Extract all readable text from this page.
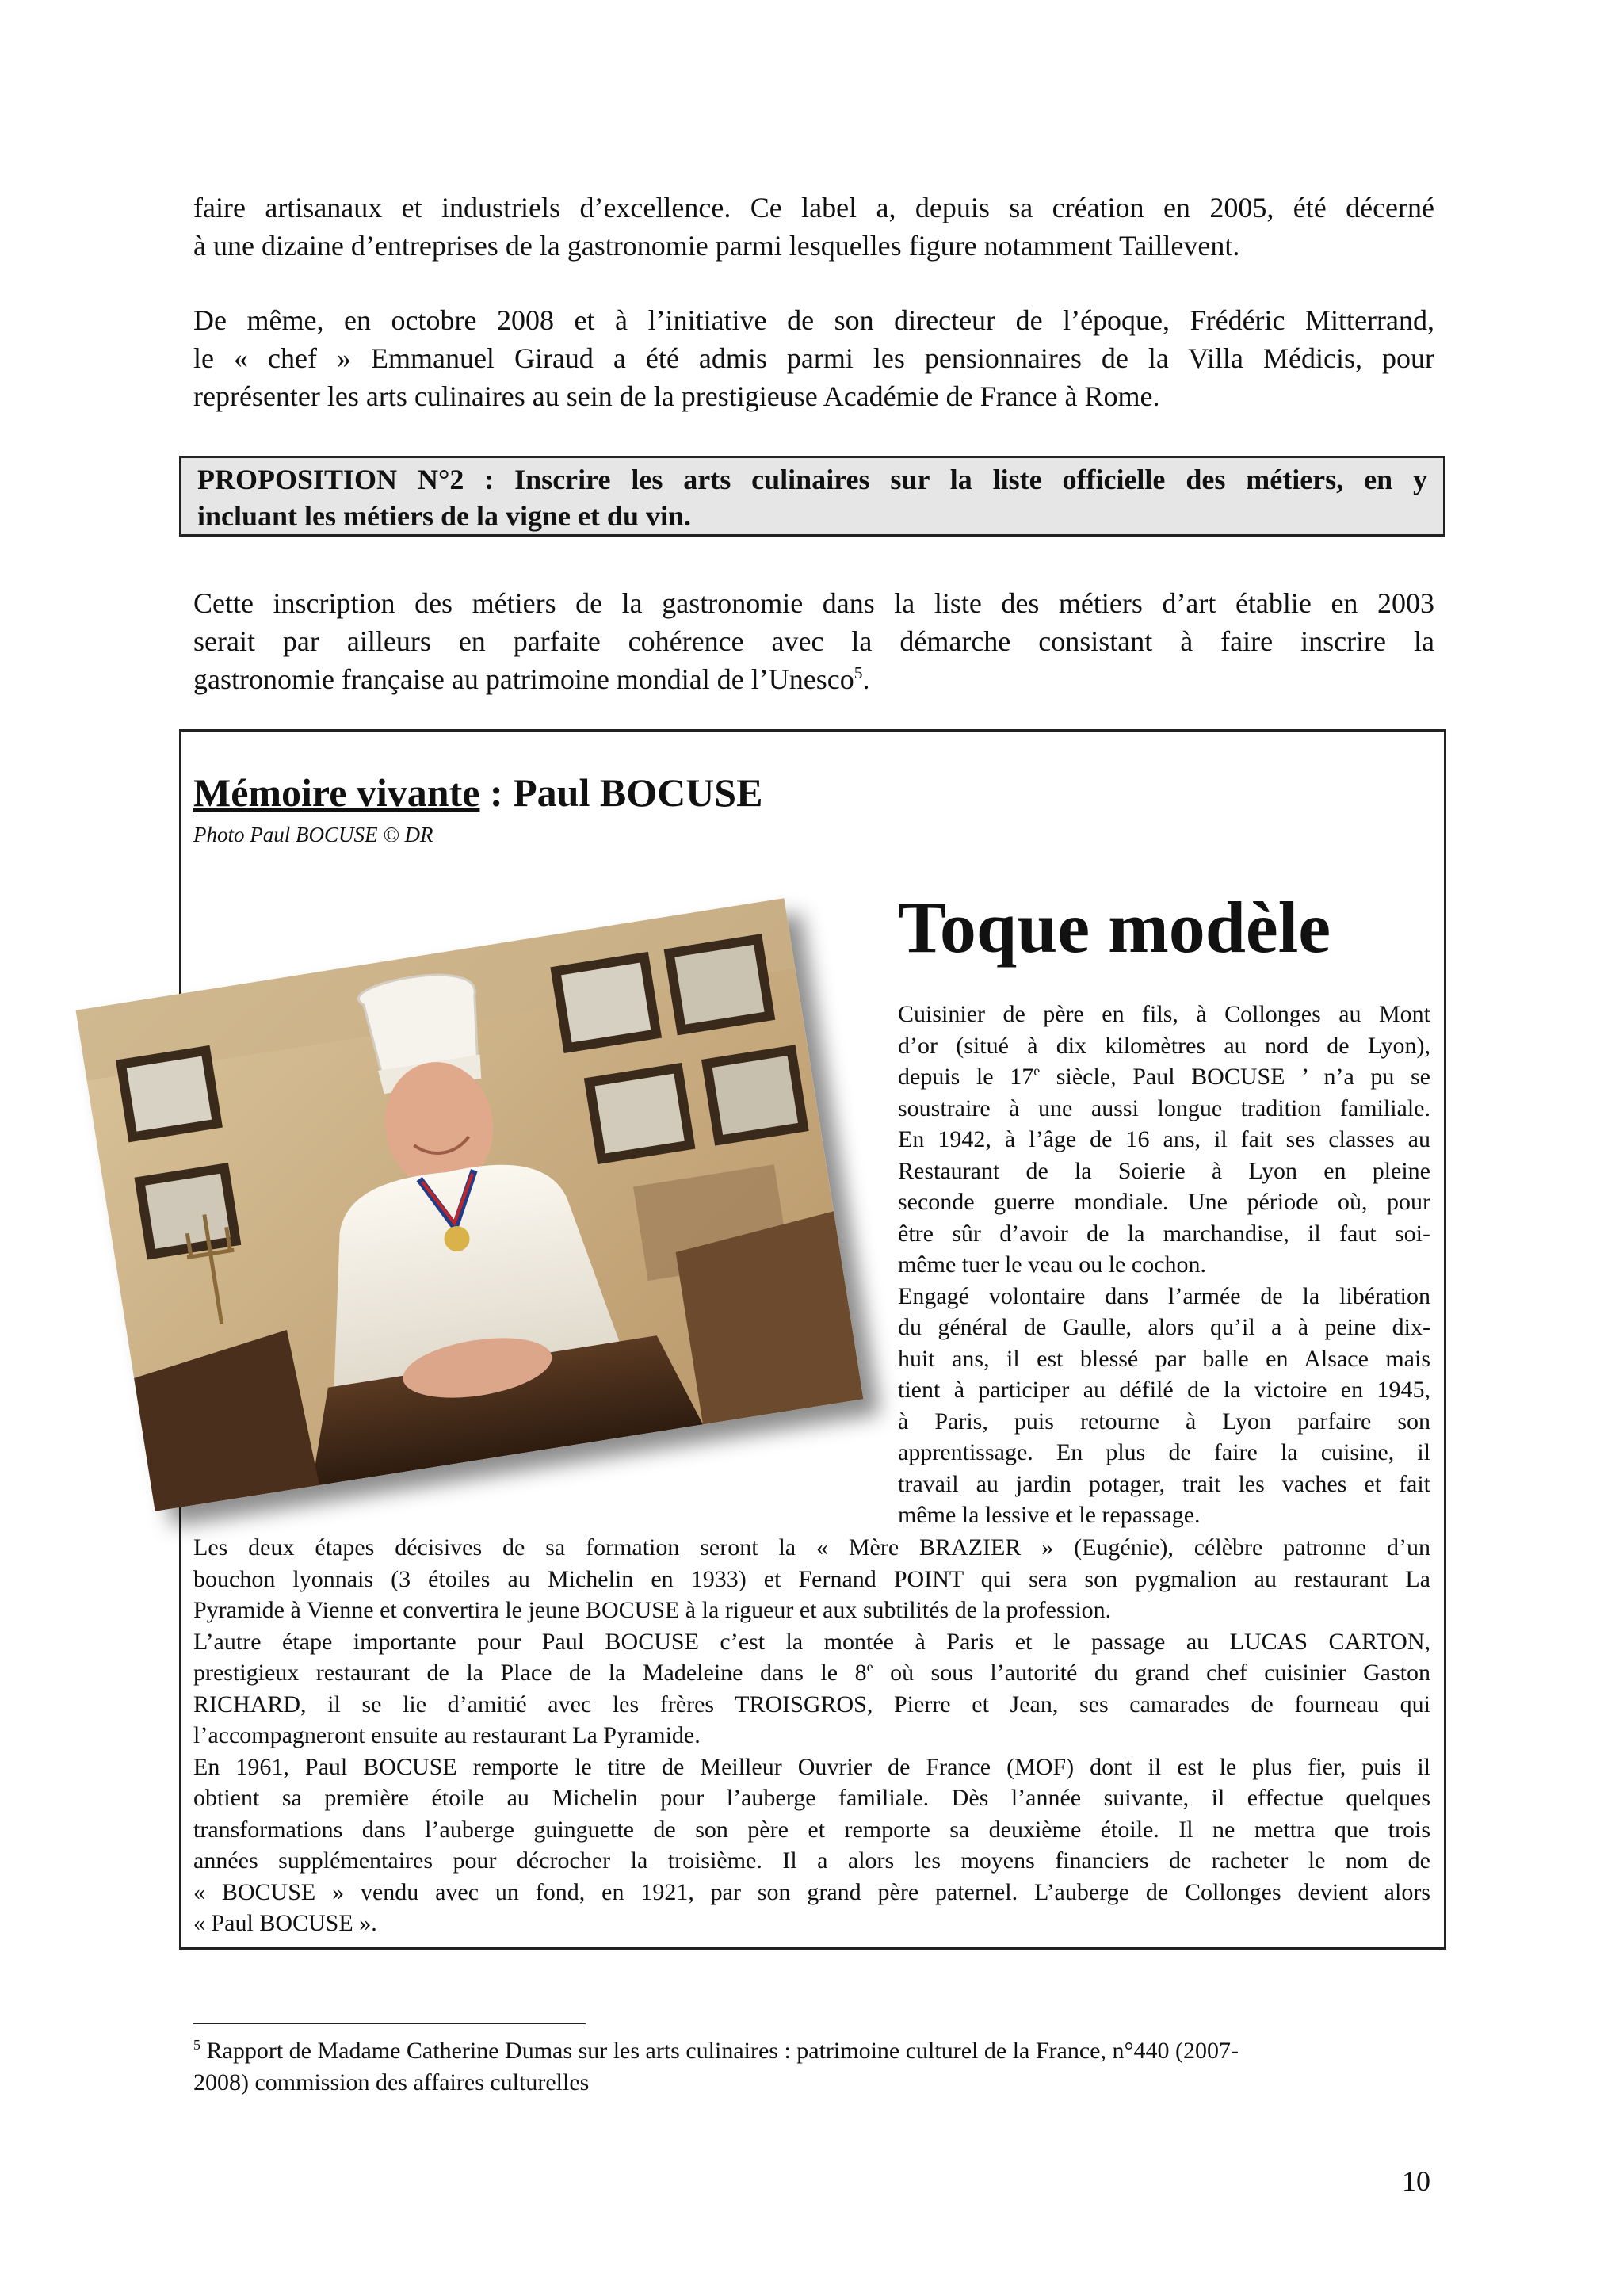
faire artisanaux et industriels d’excellence. Ce label a, depuis sa création en 2005, été décerné
à une dizaine d’entreprises de la gastronomie parmi lesquelles figure notamment Taillevent.

De même, en octobre 2008 et à l’initiative de son directeur de l’époque, Frédéric Mitterrand,
le « chef » Emmanuel Giraud a été admis parmi les pensionnaires de la Villa Médicis, pour
représenter les arts culinaires au sein de la prestigieuse Académie de France à Rome.

PROPOSITION N°2 : Inscrire les arts culinaires sur la liste officielle des métiers, en y
incluant les métiers de la vigne et du vin.

Cette inscription des métiers de la gastronomie dans la liste des métiers d’art établie en 2003
serait par ailleurs en parfaite cohérence avec la démarche consistant à faire inscrire la
gastronomie française au patrimoine mondial de l’Unesco$^5$.

Mémoire vivante : Paul BOCUSE
Photo Paul BOCUSE © DR
Toque modèle
Cuisinier de père en fils, à Collonges au Mont
d’or (situé à dix kilomètres au nord de Lyon),
depuis le 17e siècle, Paul BOCUSE ’ n’a pu se
soustraire à une aussi longue tradition familiale.
En 1942, à l’âge de 16 ans, il fait ses classes au
Restaurant de la Soierie à Lyon en pleine
seconde guerre mondiale. Une période où, pour
être sûr d’avoir de la marchandise, il faut soi-
même tuer le veau ou le cochon.
Engagé volontaire dans l’armée de la libération
du général de Gaulle, alors qu’il a à peine dix-
huit ans, il est blessé par balle en Alsace mais
tient à participer au défilé de la victoire en 1945,
à Paris, puis retourne à Lyon parfaire son
apprentissage. En plus de faire la cuisine, il
travail au jardin potager, trait les vaches et fait
même la lessive et le repassage.
Les deux étapes décisives de sa formation seront la « Mère BRAZIER » (Eugénie), célèbre patronne d’un
bouchon lyonnais (3 étoiles au Michelin en 1933) et Fernand POINT qui sera son pygmalion au restaurant La
Pyramide à Vienne et convertira le jeune BOCUSE à la rigueur et aux subtilités de la profession.
L’autre étape importante pour Paul BOCUSE c’est la montée à Paris et le passage au LUCAS CARTON,
prestigieux restaurant de la Place de la Madeleine dans le 8e où sous l’autorité du grand chef cuisinier Gaston
RICHARD, il se lie d’amitié avec les frères TROISGROS, Pierre et Jean, ses camarades de fourneau qui
l’accompagneront ensuite au restaurant La Pyramide.
En 1961, Paul BOCUSE remporte le titre de Meilleur Ouvrier de France (MOF) dont il est le plus fier, puis il
obtient sa première étoile au Michelin pour l’auberge familiale. Dès l’année suivante, il effectue quelques
transformations dans l’auberge guinguette de son père et remporte sa deuxième étoile. Il ne mettra que trois
années supplémentaires pour décrocher la troisième. Il a alors les moyens financiers de racheter le nom de
« BOCUSE » vendu avec un fond, en 1921, par son grand père paternel. L’auberge de Collonges devient alors
« Paul BOCUSE ».
$^5$ Rapport de Madame Catherine Dumas sur les arts culinaires : patrimoine culturel de la France, n°440 (2007-
2008) commission des affaires culturelles
10
